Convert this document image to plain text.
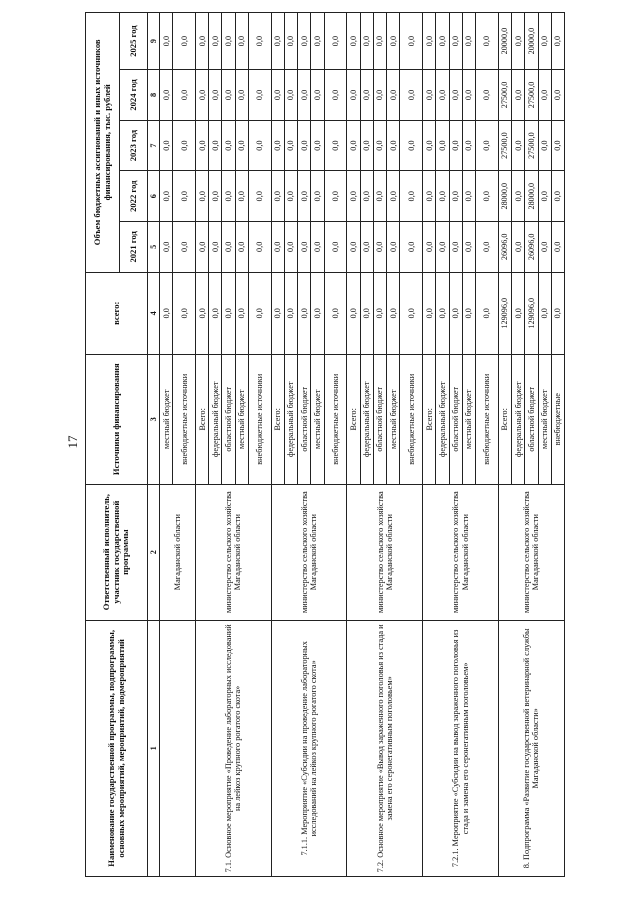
17
Наименование государственной программы, подпрограммы, основных мероприятий, мероприятий, подмероприятий	Ответственный исполнитель, участник государственной программы	Источники финансирования	всего:	Объем бюджетных ассигнований и иных источников финансирования, тыс. рублей				
				2021 год	2022 год	2023 год	2024 год	2025 год
1	2	3	4	5	6	7	8	9
	Магаданской области	местный бюджет	0,0	0,0	0,0	0,0	0,0	0,0
		внебюджетные источники	0,0	0,0	0,0	0,0	0,0	0,0
7.1. Основное мероприятие «Проведение лабораторных исследований на лейкоз крупного рогатого скота»	министерство сельского хозяйства Магаданской области	Всего:	0,0	0,0	0,0	0,0	0,0	0,0
		федеральный бюджет	0,0	0,0	0,0	0,0	0,0	0,0
		областной бюджет	0,0	0,0	0,0	0,0	0,0	0,0
		местный бюджет	0,0	0,0	0,0	0,0	0,0	0,0
		внебюджетные источники	0,0	0,0	0,0	0,0	0,0	0,0
7.1.1. Мероприятие «Субсидии на проведение лабораторных исследований на лейкоз крупного рогатого скота»	министерство сельского хозяйства Магаданской области	Всего:	0,0	0,0	0,0	0,0	0,0	0,0
		федеральный бюджет	0,0	0,0	0,0	0,0	0,0	0,0
		областной бюджет	0,0	0,0	0,0	0,0	0,0	0,0
		местный бюджет	0,0	0,0	0,0	0,0	0,0	0,0
		внебюджетные источники	0,0	0,0	0,0	0,0	0,0	0,0
7.2. Основное мероприятие «Вывод зараженного поголовья из стада и замена его серонегативным поголовьем»	министерство сельского хозяйства Магаданской области	Всего:	0,0	0,0	0,0	0,0	0,0	0,0
		федеральный бюджет	0,0	0,0	0,0	0,0	0,0	0,0
		областной бюджет	0,0	0,0	0,0	0,0	0,0	0,0
		местный бюджет	0,0	0,0	0,0	0,0	0,0	0,0
		внебюджетные источники	0,0	0,0	0,0	0,0	0,0	0,0
7.2.1. Мероприятие «Субсидии на вывод зараженного поголовья из стада и замена его серонегативным поголовьем»	министерство сельского хозяйства Магаданской области	Всего:	0,0	0,0	0,0	0,0	0,0	0,0
		федеральный бюджет	0,0	0,0	0,0	0,0	0,0	0,0
		областной бюджет	0,0	0,0	0,0	0,0	0,0	0,0
		местный бюджет	0,0	0,0	0,0	0,0	0,0	0,0
		внебюджетные источники	0,0	0,0	0,0	0,0	0,0	0,0
8. Подпрограмма «Развитие государственной ветеринарной службы Магаданской области»	министерство сельского хозяйства Магаданской области	Всего:	129096,0	26096,0	28000,0	27500,0	27500,0	20000,0
		федеральный бюджет	0,0	0,0	0,0	0,0	0,0	0,0
		областной бюджет	129096,0	26096,0	28000,0	27500,0	27500,0	20000,0
		местный бюджет	0,0	0,0	0,0	0,0	0,0	0,0
		внебюджетные	0,0	0,0	0,0	0,0	0,0	0,0
